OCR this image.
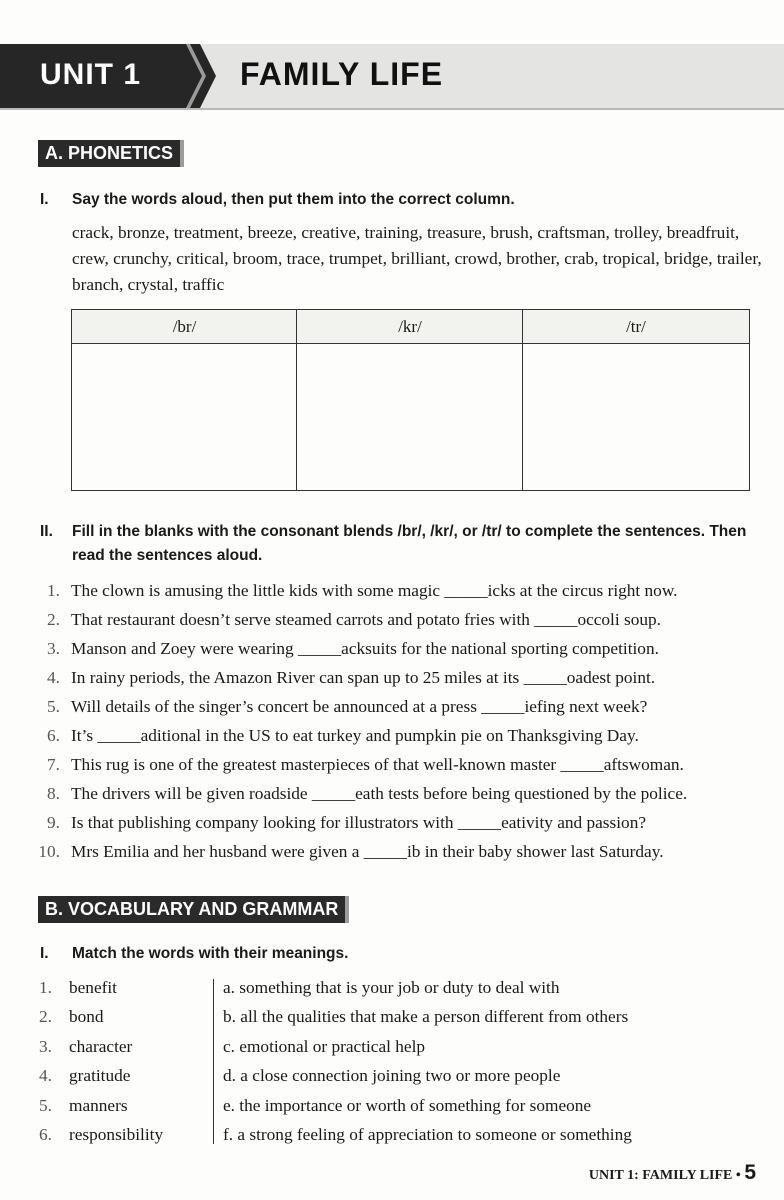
UNIT 1	FAMILY LIFE
A. PHONETICS
I.	Say the words aloud, then put them into the correct column.
crack, bronze, treatment, breeze, creative, training, treasure, brush, craftsman, trolley, breadfruit, crew, crunchy, critical, broom, trace, trumpet, brilliant, crowd, brother, crab, tropical, bridge, trailer, branch, crystal, traffic
/br/	/kr/	/tr/
II.	Fill in the blanks with the consonant blends /br/, /kr/, or /tr/ to complete the sentences. Then read the sentences aloud.
1. The clown is amusing the little kids with some magic _____icks at the circus right now.
2. That restaurant doesn’t serve steamed carrots and potato fries with _____occoli soup.
3. Manson and Zoey were wearing _____acksuits for the national sporting competition.
4. In rainy periods, the Amazon River can span up to 25 miles at its _____oadest point.
5. Will details of the singer’s concert be announced at a press _____iefing next week?
6. It’s _____aditional in the US to eat turkey and pumpkin pie on Thanksgiving Day.
7. This rug is one of the greatest masterpieces of that well-known master _____aftswoman.
8. The drivers will be given roadside _____eath tests before being questioned by the police.
9. Is that publishing company looking for illustrators with _____eativity and passion?
10. Mrs Emilia and her husband were given a _____ib in their baby shower last Saturday.
B. VOCABULARY AND GRAMMAR
I.	Match the words with their meanings.
1. benefit	a. something that is your job or duty to deal with
2. bond	b. all the qualities that make a person different from others
3. character	c. emotional or practical help
4. gratitude	d. a close connection joining two or more people
5. manners	e. the importance or worth of something for someone
6. responsibility	f. a strong feeling of appreciation to someone or something
UNIT 1: FAMILY LIFE • 5
